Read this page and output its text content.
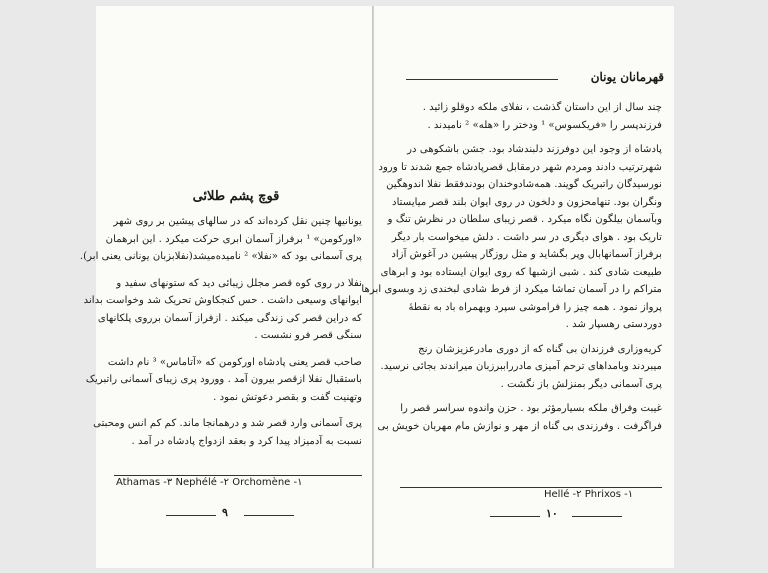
قوچ پشم طلائی
یونانیها چنین نقل کرده‌اند که در سالهای پیشین بر روی شهر
«اورکومن» ¹ برفراز آسمان ابری حرکت میکرد . این ابرهمان
پری آسمانی بود که «نفلا» ² نامیده‌میشد(نفلابزبان یونانی یعنی ابر).
نفلا در روی کوه قصر مجلل زیبائی دید که ستونهای سفید و
ایوانهای وسیعی داشت . حس کنجکاوش تحریک شد وخواست بداند
که دراین قصر کی زندگی میکند . ازفراز آسمان برروی پلکانهای
سنگی قصر فرو نشست .
صاحب قصر یعنی پادشاه اورکومن که «آتاماس» ³ نام داشت
باستقبال نفلا ازقصر بیرون آمد . وورود پری زیبای آسمانی راتبریک
وتهنیت گفت و بقصر دعوتش نمود .
پری آسمانی وارد قصر شد و درهمانجا ماند. کم کم انس ومحبتی
نسبت به آدمیزاد پیدا کرد و بعقد ازدواج پادشاه در آمد .
Athamas -۳ Nephélé -۲ Orchomène -۱
۹
قهرمانان یونان
چند سال از این داستان گذشت ، نفلای ملکه دوقلو زائید .
فرزندپسر را «فریکسوس» ¹ ودختر را «هله» ² نامیدند .
پادشاه از وجود این دوفرزند دلبندشاد بود. جشن باشکوهی در
شهرترتیب دادند ومردم شهر درمقابل قصرپادشاه جمع شدند تا ورود
نورسیدگان راتبریک گویند. همه‌شادوخندان بودندفقط نفلا اندوهگین
ونگران بود. تنهامحزون و دلخون در روی ایوان بلند قصر میایستاد
وبآسمان بیلگون نگاه میکرد . قصر زیبای سلطان در نظرش تنگ و
تاریک بود . هوای دیگری در سر داشت . دلش میخواست بار دیگر
برفراز آسمانهابال وپر بگشاید و مثل روزگار پیشین در آغوش آزاد
طبیعت شادی کند . شبی ازشبها که روی ایوان ایستاده بود و ابرهای
متراکم را در آسمان تماشا میکرد از فرط شادی لبخندی زد وبسوی ابرها
پرواز نمود . همه چیز را فراموشی سپرد وبهمراه باد به نقطهٔ
دوردستی رهسپار شد .
کریه‌وزاری فرزندان بی گناه که از دوری مادرعزیزشان رنج
میبردند وبامداهای ترحم آمیزی مادرراببرزبان میراندند بجائی نرسید.
پری آسمانی دیگر بمنزلش باز نگشت .
غیبت وفراق ملکه بسیارمؤثر بود . حزن واندوه سراسر قصر را
فراگرفت . وفرزندی بی گناه از مهر و نوازش مام مهربان خویش بی
Hellé -۲ Phrixos -۱
۱۰
